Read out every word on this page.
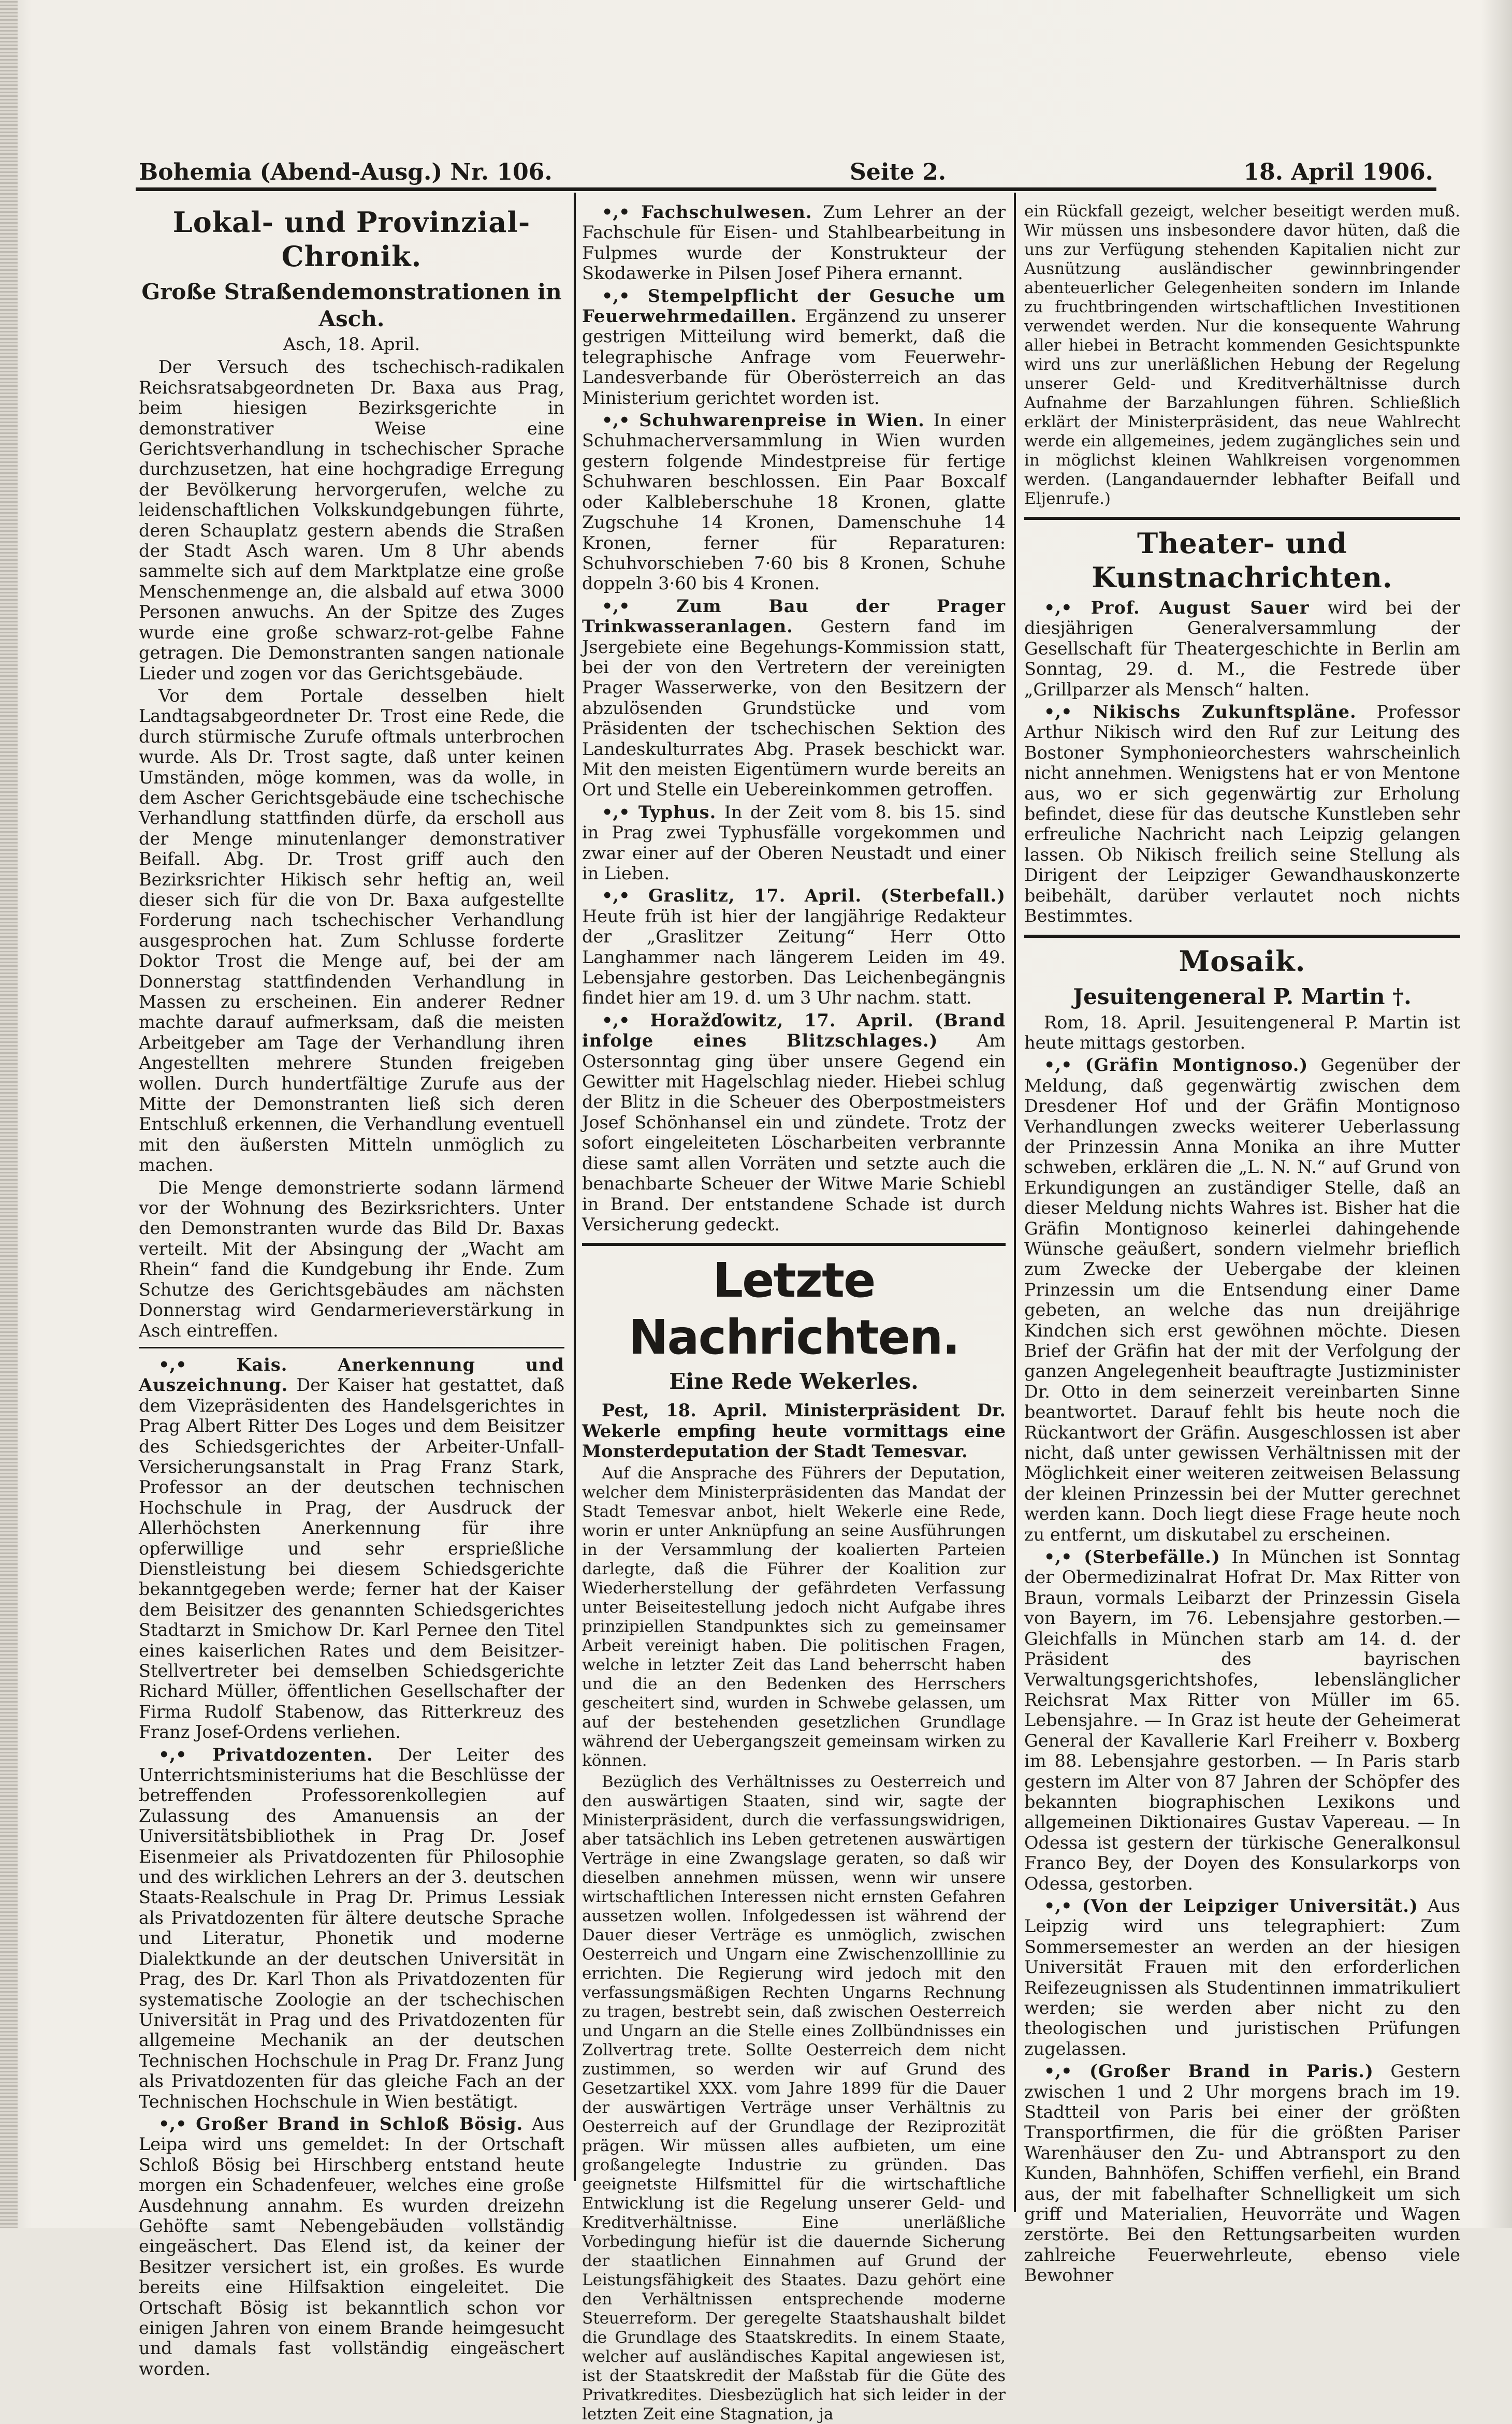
Bohemia (Abend-Ausg.) Nr. 106.	Seite 2.	18. April 1906.
Lokal- und Provinzial-Chronik.
Große Straßendemonstrationen in Asch.
Asch, 18. April.

Der Versuch des tschechisch-radikalen Reichsratsabgeordneten Dr. Baxa aus Prag, beim hiesigen Bezirksgerichte in demonstrativer Weise eine Gerichtsverhandlung in tschechischer Sprache durchzusetzen, hat eine hochgradige Erregung der Bevölkerung hervorgerufen, welche zu leidenschaftlichen Volkskundgebungen führte, deren Schauplatz gestern abends die Straßen der Stadt Asch waren. Um 8 Uhr abends sammelte sich auf dem Marktplatze eine große Menschenmenge an, die alsbald auf etwa 3000 Personen anwuchs. An der Spitze des Zuges wurde eine große schwarz-rot-gelbe Fahne getragen. Die Demonstranten sangen nationale Lieder und zogen vor das Gerichtsgebäude.

Vor dem Portale desselben hielt Landtagsabgeordneter Dr. Trost eine Rede, die durch stürmische Zurufe oftmals unterbrochen wurde. Als Dr. Trost sagte, daß unter keinen Umständen, möge kommen, was da wolle, in dem Ascher Gerichtsgebäude eine tschechische Verhandlung stattfinden dürfe, da erscholl aus der Menge minutenlanger demonstrativer Beifall. Abg. Dr. Trost griff auch den Bezirksrichter Hikisch sehr heftig an, weil dieser sich für die von Dr. Baxa aufgestellte Forderung nach tschechischer Verhandlung ausgesprochen hat. Zum Schlusse forderte Doktor Trost die Menge auf, bei der am Donnerstag stattfindenden Verhandlung in Massen zu erscheinen. Ein anderer Redner machte darauf aufmerksam, daß die meisten Arbeitgeber am Tage der Verhandlung ihren Angestellten mehrere Stunden freigeben wollen. Durch hundertfältige Zurufe aus der Mitte der Demonstranten ließ sich deren Entschluß erkennen, die Verhandlung eventuell mit den äußersten Mitteln unmöglich zu machen.

Die Menge demonstrierte sodann lärmend vor der Wohnung des Bezirksrichters. Unter den Demonstranten wurde das Bild Dr. Baxas verteilt. Mit der Absingung der „Wacht am Rhein“ fand die Kundgebung ihr Ende. Zum Schutze des Gerichtsgebäudes am nächsten Donnerstag wird Gendarmerieverstärkung in Asch eintreffen.

•,• Kais. Anerkennung und Auszeichnung. Der Kaiser hat gestattet, daß dem Vizepräsidenten des Handelsgerichtes in Prag Albert Ritter Des Loges und dem Beisitzer des Schiedsgerichtes der Arbeiter-Unfall-Versicherungsanstalt in Prag Franz Stark, Professor an der deutschen technischen Hochschule in Prag, der Ausdruck der Allerhöchsten Anerkennung für ihre opferwillige und sehr ersprießliche Dienstleistung bei diesem Schiedsgerichte bekanntgegeben werde; ferner hat der Kaiser dem Beisitzer des genannten Schiedsgerichtes Stadtarzt in Smichow Dr. Karl Pernee den Titel eines kaiserlichen Rates und dem Beisitzer-Stellvertreter bei demselben Schiedsgerichte Richard Müller, öffentlichen Gesellschafter der Firma Rudolf Stabenow, das Ritterkreuz des Franz Josef-Ordens verliehen.

•,• Privatdozenten. Der Leiter des Unterrichtsministeriums hat die Beschlüsse der betreffenden Professorenkollegien auf Zulassung des Amanuensis an der Universitätsbibliothek in Prag Dr. Josef Eisenmeier als Privatdozenten für Philosophie und des wirklichen Lehrers an der 3. deutschen Staats-Realschule in Prag Dr. Primus Lessiak als Privatdozenten für ältere deutsche Sprache und Literatur, Phonetik und moderne Dialektkunde an der deutschen Universität in Prag, des Dr. Karl Thon als Privatdozenten für systematische Zoologie an der tschechischen Universität in Prag und des Privatdozenten für allgemeine Mechanik an der deutschen Technischen Hochschule in Prag Dr. Franz Jung als Privatdozenten für das gleiche Fach an der Technischen Hochschule in Wien bestätigt.

•,• Großer Brand in Schloß Bösig. Aus Leipa wird uns gemeldet: In der Ortschaft Schloß Bösig bei Hirschberg entstand heute morgen ein Schadenfeuer, welches eine große Ausdehnung annahm. Es wurden dreizehn Gehöfte samt Nebengebäuden vollständig eingeäschert. Das Elend ist, da keiner der Besitzer versichert ist, ein großes. Es wurde bereits eine Hilfsaktion eingeleitet. Die Ortschaft Bösig ist bekanntlich schon vor einigen Jahren von einem Brande heimgesucht und damals fast vollständig eingeäschert worden.

•,• Fachschulwesen. Zum Lehrer an der Fachschule für Eisen- und Stahlbearbeitung in Fulpmes wurde der Konstrukteur der Skodawerke in Pilsen Josef Pihera ernannt.

•,• Stempelpflicht der Gesuche um Feuerwehrmedaillen. Ergänzend zu unserer gestrigen Mitteilung wird bemerkt, daß die telegraphische Anfrage vom Feuerwehr-Landesverbande für Oberösterreich an das Ministerium gerichtet worden ist.

•,• Schuhwarenpreise in Wien. In einer Schuhmacherversammlung in Wien wurden gestern folgende Mindestpreise für fertige Schuhwaren beschlossen. Ein Paar Boxcalf oder Kalbleberschuhe 18 Kronen, glatte Zugschuhe 14 Kronen, Damenschuhe 14 Kronen, ferner für Reparaturen: Schuhvorschieben 7·60 bis 8 Kronen, Schuhe doppeln 3·60 bis 4 Kronen.

•,• Zum Bau der Prager Trinkwasseranlagen. Gestern fand im Jsergebiete eine Begehungs-Kommission statt, bei der von den Vertretern der vereinigten Prager Wasserwerke, von den Besitzern der abzulösenden Grundstücke und vom Präsidenten der tschechischen Sektion des Landeskulturrates Abg. Prasek beschickt war. Mit den meisten Eigentümern wurde bereits an Ort und Stelle ein Uebereinkommen getroffen.

•,• Typhus. In der Zeit vom 8. bis 15. sind in Prag zwei Typhusfälle vorgekommen und zwar einer auf der Oberen Neustadt und einer in Lieben.

•,• Graslitz, 17. April. (Sterbefall.) Heute früh ist hier der langjährige Redakteur der „Graslitzer Zeitung“ Herr Otto Langhammer nach längerem Leiden im 49. Lebensjahre gestorben. Das Leichenbegängnis findet hier am 19. d. um 3 Uhr nachm. statt.

•,• Horažďowitz, 17. April. (Brand infolge eines Blitzschlages.) Am Ostersonntag ging über unsere Gegend ein Gewitter mit Hagelschlag nieder. Hiebei schlug der Blitz in die Scheuer des Oberpostmeisters Josef Schönhansel ein und zündete. Trotz der sofort eingeleiteten Löscharbeiten verbrannte diese samt allen Vorräten und setzte auch die benachbarte Scheuer der Witwe Marie Schiebl in Brand. Der entstandene Schade ist durch Versicherung gedeckt.

Letzte Nachrichten.
Eine Rede Wekerles.

Pest, 18. April. Ministerpräsident Dr. Wekerle empfing heute vormittags eine Monsterdeputation der Stadt Temesvar.

Auf die Ansprache des Führers der Deputation, welcher dem Ministerpräsidenten das Mandat der Stadt Temesvar anbot, hielt Wekerle eine Rede, worin er unter Anknüpfung an seine Ausführungen in der Versammlung der koalierten Parteien darlegte, daß die Führer der Koalition zur Wiederherstellung der gefährdeten Verfassung unter Beiseitestellung jedoch nicht Aufgabe ihres prinzipiellen Standpunktes sich zu gemeinsamer Arbeit vereinigt haben. Die politischen Fragen, welche in letzter Zeit das Land beherrscht haben und die an den Bedenken des Herrschers gescheitert sind, wurden in Schwebe gelassen, um auf der bestehenden gesetzlichen Grundlage während der Uebergangszeit gemeinsam wirken zu können.

Bezüglich des Verhältnisses zu Oesterreich und den auswärtigen Staaten, sind wir, sagte der Ministerpräsident, durch die verfassungswidrigen, aber tatsächlich ins Leben getretenen auswärtigen Verträge in eine Zwangslage geraten, so daß wir dieselben annehmen müssen, wenn wir unsere wirtschaftlichen Interessen nicht ernsten Gefahren aussetzen wollen. Infolgedessen ist während der Dauer dieser Verträge es unmöglich, zwischen Oesterreich und Ungarn eine Zwischenzolllinie zu errichten. Die Regierung wird jedoch mit den verfassungsmäßigen Rechten Ungarns Rechnung zu tragen, bestrebt sein, daß zwischen Oesterreich und Ungarn an die Stelle eines Zollbündnisses ein Zollvertrag trete. Sollte Oesterreich dem nicht zustimmen, so werden wir auf Grund des Gesetzartikel XXX. vom Jahre 1899 für die Dauer der auswärtigen Verträge unser Verhältnis zu Oesterreich auf der Grundlage der Reziprozität prägen. Wir müssen alles aufbieten, um eine großangelegte Industrie zu gründen. Das geeignetste Hilfsmittel für die wirtschaftliche Entwicklung ist die Regelung unserer Geld- und Kreditverhältnisse. Eine unerläßliche Vorbedingung hiefür ist die dauernde Sicherung der staatlichen Einnahmen auf Grund der Leistungsfähigkeit des Staates. Dazu gehört eine den Verhältnissen entsprechende moderne Steuerreform. Der geregelte Staatshaushalt bildet die Grundlage des Staatskredits. In einem Staate, welcher auf ausländisches Kapital angewiesen ist, ist der Staatskredit der Maßstab für die Güte des Privatkredites. Diesbezüglich hat sich leider in der letzten Zeit eine Stagnation, ja

ein Rückfall gezeigt, welcher beseitigt werden muß. Wir müssen uns insbesondere davor hüten, daß die uns zur Verfügung stehenden Kapitalien nicht zur Ausnützung ausländischer gewinnbringender abenteuerlicher Gelegenheiten sondern im Inlande zu fruchtbringenden wirtschaftlichen Investitionen verwendet werden. Nur die konsequente Wahrung aller hiebei in Betracht kommenden Gesichtspunkte wird uns zur unerläßlichen Hebung der Regelung unserer Geld- und Kreditverhältnisse durch Aufnahme der Barzahlungen führen. Schließlich erklärt der Ministerpräsident, das neue Wahlrecht werde ein allgemeines, jedem zugängliches sein und in möglichst kleinen Wahlkreisen vorgenommen werden. (Langandauernder lebhafter Beifall und Eljenrufe.)

Theater- und Kunstnachrichten.

•,• Prof. August Sauer wird bei der diesjährigen Generalversammlung der Gesellschaft für Theatergeschichte in Berlin am Sonntag, 29. d. M., die Festrede über „Grillparzer als Mensch“ halten.

•,• Nikischs Zukunftspläne. Professor Arthur Nikisch wird den Ruf zur Leitung des Bostoner Symphonieorchesters wahrscheinlich nicht annehmen. Wenigstens hat er von Mentone aus, wo er sich gegenwärtig zur Erholung befindet, diese für das deutsche Kunstleben sehr erfreuliche Nachricht nach Leipzig gelangen lassen. Ob Nikisch freilich seine Stellung als Dirigent der Leipziger Gewandhauskonzerte beibehält, darüber verlautet noch nichts Bestimmtes.

Mosaik.
Jesuitengeneral P. Martin †.

Rom, 18. April. Jesuitengeneral P. Martin ist heute mittags gestorben.

•,• (Gräfin Montignoso.) Gegenüber der Meldung, daß gegenwärtig zwischen dem Dresdener Hof und der Gräfin Montignoso Verhandlungen zwecks weiterer Ueberlassung der Prinzessin Anna Monika an ihre Mutter schweben, erklären die „L. N. N.“ auf Grund von Erkundigungen an zuständiger Stelle, daß an dieser Meldung nichts Wahres ist. Bisher hat die Gräfin Montignoso keinerlei dahingehende Wünsche geäußert, sondern vielmehr brieflich zum Zwecke der Uebergabe der kleinen Prinzessin um die Entsendung einer Dame gebeten, an welche das nun dreijährige Kindchen sich erst gewöhnen möchte. Diesen Brief der Gräfin hat der mit der Verfolgung der ganzen Angelegenheit beauftragte Justizminister Dr. Otto in dem seinerzeit vereinbarten Sinne beantwortet. Darauf fehlt bis heute noch die Rückantwort der Gräfin. Ausgeschlossen ist aber nicht, daß unter gewissen Verhältnissen mit der Möglichkeit einer weiteren zeitweisen Belassung der kleinen Prinzessin bei der Mutter gerechnet werden kann. Doch liegt diese Frage heute noch zu entfernt, um diskutabel zu erscheinen.

•,• (Sterbefälle.) In München ist Sonntag der Obermedizinalrat Hofrat Dr. Max Ritter von Braun, vormals Leibarzt der Prinzessin Gisela von Bayern, im 76. Lebensjahre gestorben.—Gleichfalls in München starb am 14. d. der Präsident des bayrischen Verwaltungsgerichtshofes, lebenslänglicher Reichsrat Max Ritter von Müller im 65. Lebensjahre. — In Graz ist heute der Geheimerat General der Kavallerie Karl Freiherr v. Boxberg im 88. Lebensjahre gestorben. — In Paris starb gestern im Alter von 87 Jahren der Schöpfer des bekannten biographischen Lexikons und allgemeinen Diktionaires Gustav Vapereau. — In Odessa ist gestern der türkische Generalkonsul Franco Bey, der Doyen des Konsularkorps von Odessa, gestorben.

•,• (Von der Leipziger Universität.) Aus Leipzig wird uns telegraphiert: Zum Sommersemester an werden an der hiesigen Universität Frauen mit den erforderlichen Reifezeugnissen als Studentinnen immatrikuliert werden; sie werden aber nicht zu den theologischen und juristischen Prüfungen zugelassen.

•,• (Großer Brand in Paris.) Gestern zwischen 1 und 2 Uhr morgens brach im 19. Stadtteil von Paris bei einer der größten Transportfirmen, die für die größten Pariser Warenhäuser den Zu- und Abtransport zu den Kunden, Bahnhöfen, Schiffen verfiehl, ein Brand aus, der mit fabelhafter Schnelligkeit um sich griff und Materialien, Heuvorräte und Wagen zerstörte. Bei den Rettungsarbeiten wurden zahlreiche Feuerwehrleute, ebenso viele Bewohner
